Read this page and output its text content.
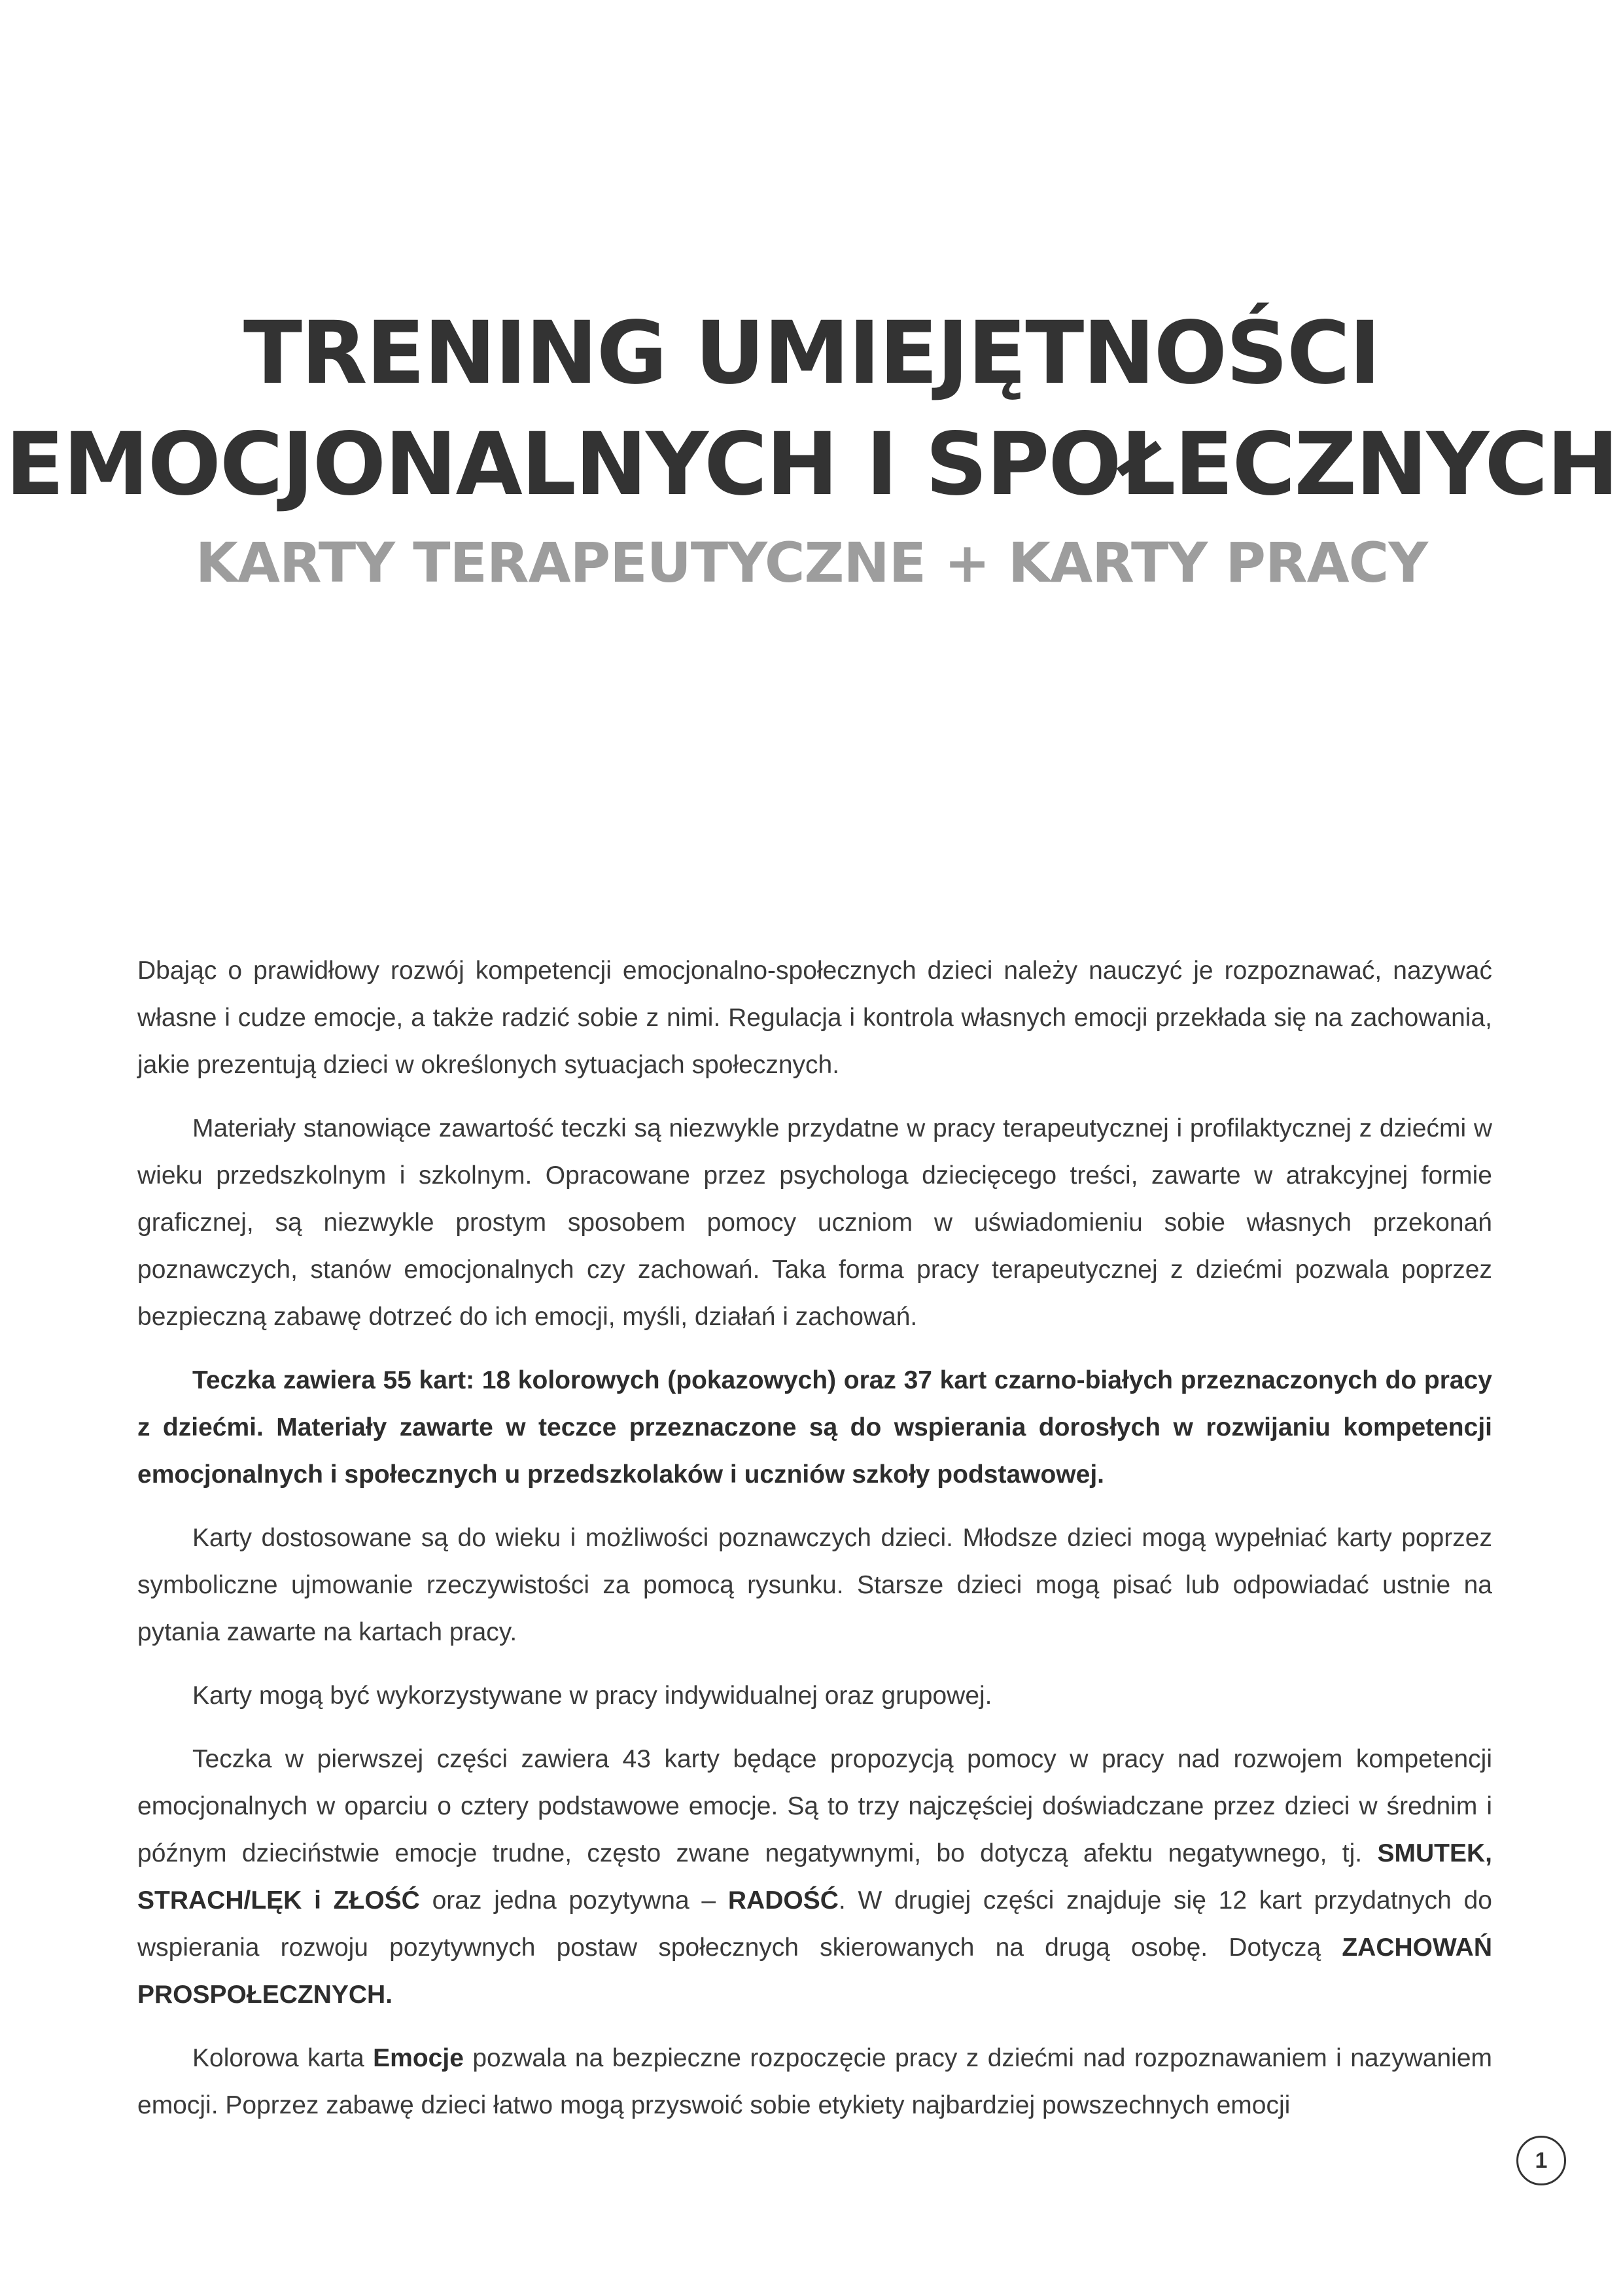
TRENING UMIEJĘTNOŚCI
EMOCJONALNYCH I SPOŁECZNYCH
KARTY TERAPEUTYCZNE + KARTY PRACY

Dbając o prawidłowy rozwój kompetencji emocjonalno-społecznych dzieci należy nauczyć je rozpoznawać, nazywać własne i cudze emocje, a także radzić sobie z nimi. Regulacja i kontrola własnych emocji przekłada się na zachowania, jakie prezentują dzieci w określonych sytuacjach społecznych.

Materiały stanowiące zawartość teczki są niezwykle przydatne w pracy terapeutycznej i profilaktycznej z dziećmi w wieku przedszkolnym i szkolnym. Opracowane przez psychologa dziecięcego treści, zawarte w atrakcyjnej formie graficznej, są niezwykle prostym sposobem pomocy uczniom w uświadomieniu sobie własnych przekonań poznawczych, stanów emocjonalnych czy zachowań. Taka forma pracy terapeutycznej z dziećmi pozwala poprzez bezpieczną zabawę dotrzeć do ich emocji, myśli, działań i zachowań.

Teczka zawiera 55 kart: 18 kolorowych (pokazowych) oraz 37 kart czarno-białych przeznaczonych do pracy z dziećmi. Materiały zawarte w teczce przeznaczone są do wspierania dorosłych w rozwijaniu kompetencji emocjonalnych i społecznych u przedszkolaków i uczniów szkoły podstawowej.

Karty dostosowane są do wieku i możliwości poznawczych dzieci. Młodsze dzieci mogą wypełniać karty poprzez symboliczne ujmowanie rzeczywistości za pomocą rysunku. Starsze dzieci mogą pisać lub odpowiadać ustnie na pytania zawarte na kartach pracy.

Karty mogą być wykorzystywane w pracy indywidualnej oraz grupowej.

Teczka w pierwszej części zawiera 43 karty będące propozycją pomocy w pracy nad rozwojem kompetencji emocjonalnych w oparciu o cztery podstawowe emocje. Są to trzy najczęściej doświadczane przez dzieci w średnim i późnym dzieciństwie emocje trudne, często zwane negatywnymi, bo dotyczą afektu negatywnego, tj. SMUTEK, STRACH/LĘK i ZŁOŚĆ oraz jedna pozytywna – RADOŚĆ. W drugiej części znajduje się 12 kart przydatnych do wspierania rozwoju pozytywnych postaw społecznych skierowanych na drugą osobę. Dotyczą ZACHOWAŃ PROSPOŁECZNYCH.

Kolorowa karta Emocje pozwala na bezpieczne rozpoczęcie pracy z dziećmi nad rozpoznawaniem i nazywaniem emocji. Poprzez zabawę dzieci łatwo mogą przyswoić sobie etykiety najbardziej powszechnych emocji

1
